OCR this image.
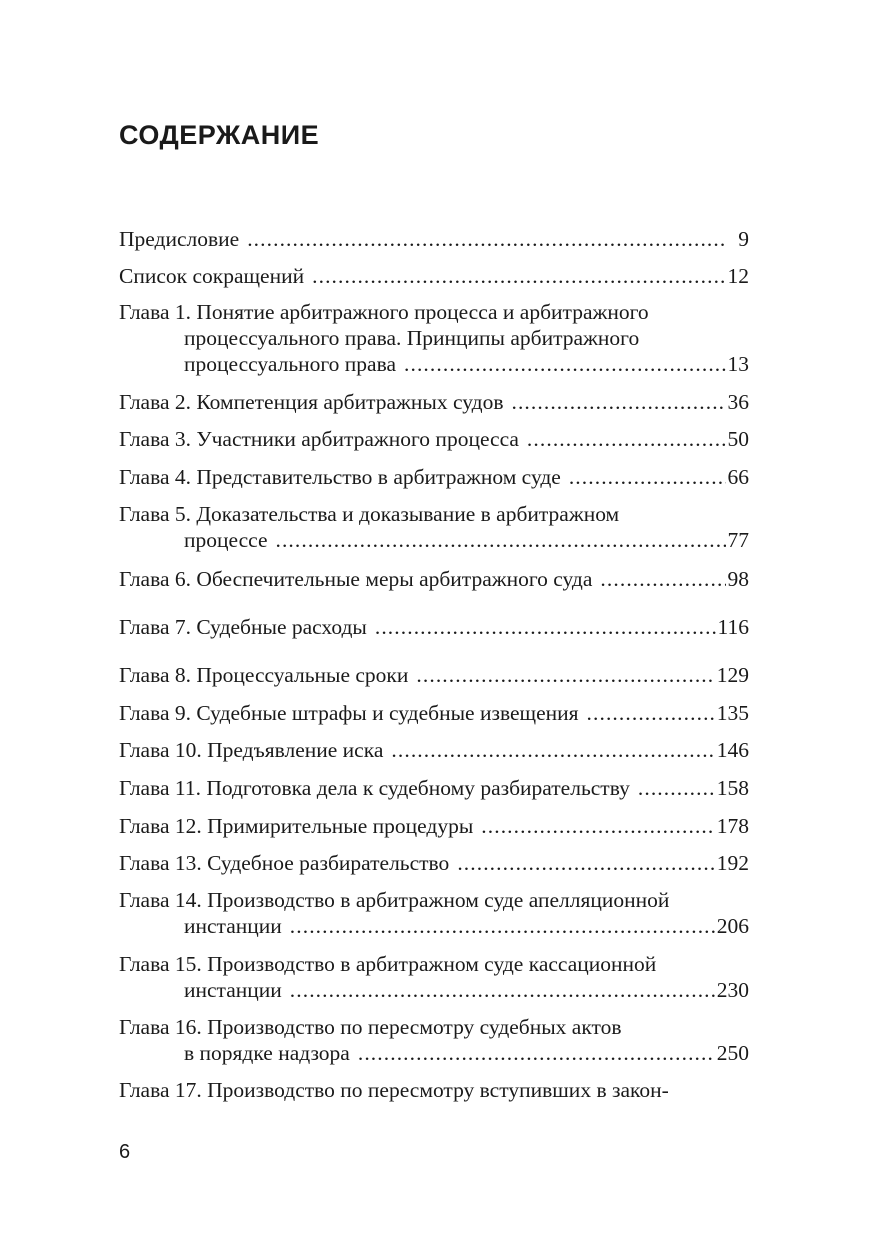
СОДЕРЖАНИЕ
Предисловие .....	9
Список сокращений .....	12
Глава 1. Понятие арбитражного процесса и арбитражного
процессуального права. Принципы арбитражного
процессуального права .....	13
Глава 2. Компетенция арбитражных судов .....	36
Глава 3. Участники арбитражного процесса .....	50
Глава 4. Представительство в арбитражном суде .....	66
Глава 5. Доказательства и доказывание в арбитражном
процессе .....	77
Глава 6. Обеспечительные меры арбитражного суда .....	98
Глава 7. Судебные расходы .....	116
Глава 8. Процессуальные сроки .....	129
Глава 9. Судебные штрафы и судебные извещения .....	135
Глава 10. Предъявление иска .....	146
Глава 11. Подготовка дела к судебному разбирательству .....	158
Глава 12. Примирительные процедуры .....	178
Глава 13. Судебное разбирательство .....	192
Глава 14. Производство в арбитражном суде апелляционной
инстанции .....	206
Глава 15. Производство в арбитражном суде кассационной
инстанции .....	230
Глава 16. Производство по пересмотру судебных актов
в порядке надзора .....	250
Глава 17. Производство по пересмотру вступивших в закон-
6
